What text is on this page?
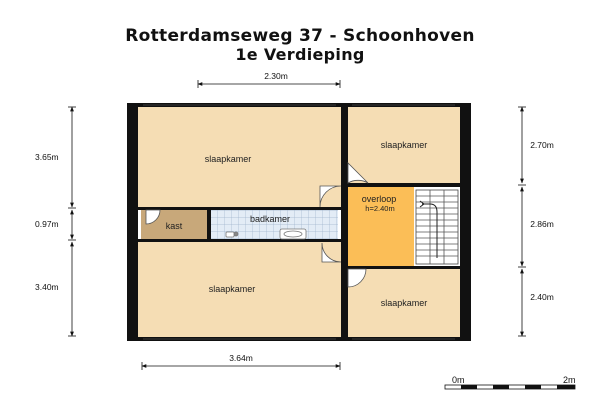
Rotterdamseweg 37 - Schoonhoven
1e Verdieping
slaapkamer
slaapkamer
kast
badkamer
overloop
h=2.40m
slaapkamer
slaapkamer
2.30m
3.64m
3.65m
0.97m
3.40m
2.70m
2.86m
2.40m
0m	2m
